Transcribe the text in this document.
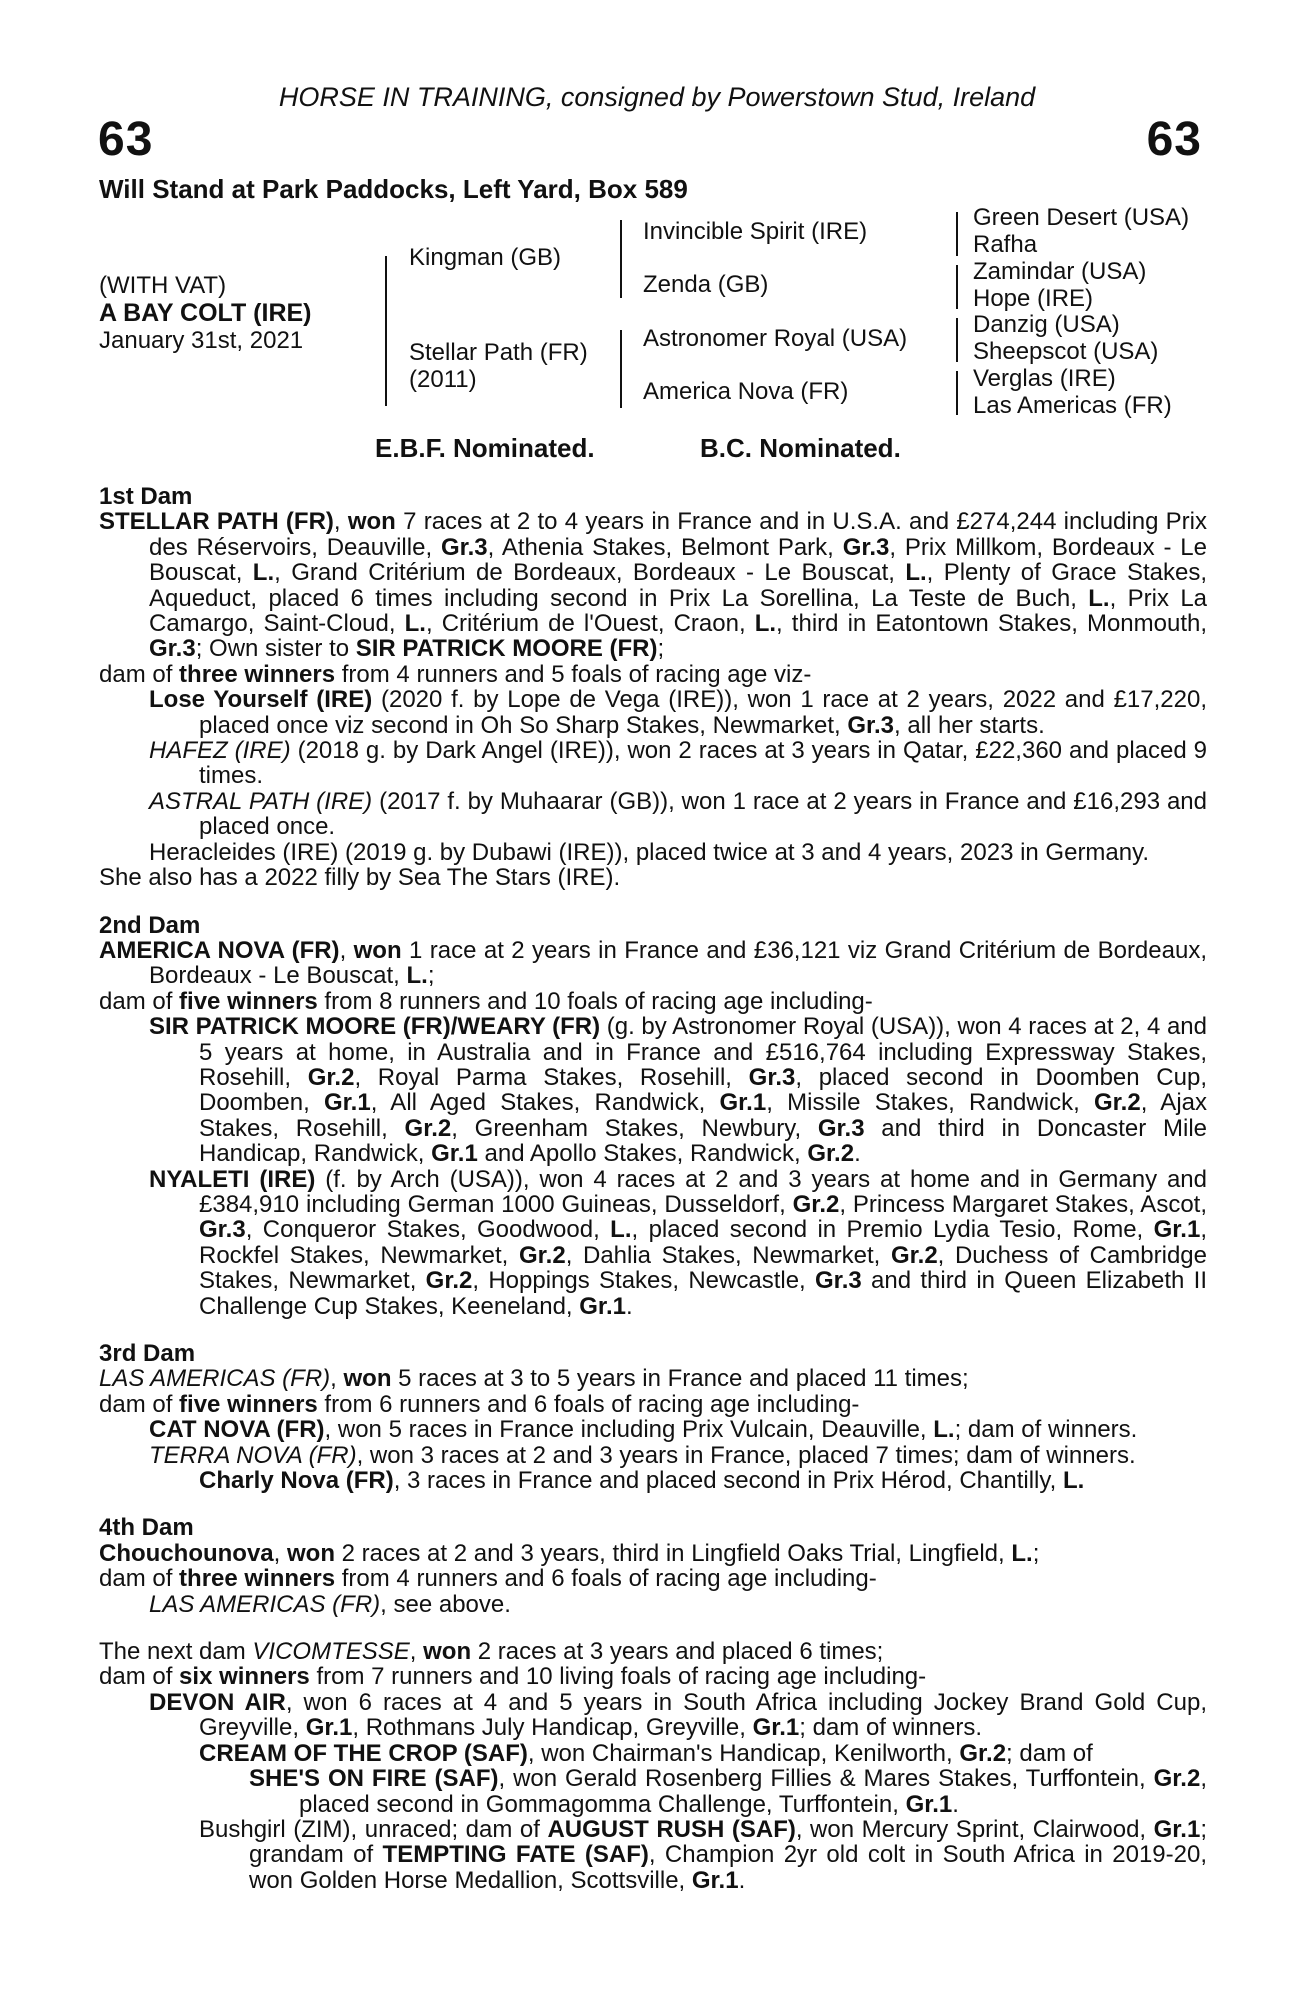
HORSE IN TRAINING, consigned by Powerstown Stud, Ireland
63	63
Will Stand at Park Paddocks, Left Yard, Box 589
(WITH VAT)
A BAY COLT (IRE)
January 31st, 2021
Kingman (GB)
Stellar Path (FR)
(2011)
Invincible Spirit (IRE)
Zenda (GB)
Astronomer Royal (USA)
America Nova (FR)
Green Desert (USA)
Rafha
Zamindar (USA)
Hope (IRE)
Danzig (USA)
Sheepscot (USA)
Verglas (IRE)
Las Americas (FR)
E.B.F. Nominated.	B.C. Nominated.
1st Dam
STELLAR PATH (FR), won 7 races at 2 to 4 years in France and in U.S.A. and £274,244 including Prix des Réservoirs, Deauville, Gr.3, Athenia Stakes, Belmont Park, Gr.3, Prix Millkom, Bordeaux - Le Bouscat, L., Grand Critérium de Bordeaux, Bordeaux - Le Bouscat, L., Plenty of Grace Stakes, Aqueduct, placed 6 times including second in Prix La Sorellina, La Teste de Buch, L., Prix La Camargo, Saint-Cloud, L., Critérium de l'Ouest, Craon, L., third in Eatontown Stakes, Monmouth, Gr.3; Own sister to SIR PATRICK MOORE (FR);
dam of three winners from 4 runners and 5 foals of racing age viz-
Lose Yourself (IRE) (2020 f. by Lope de Vega (IRE)), won 1 race at 2 years, 2022 and £17,220, placed once viz second in Oh So Sharp Stakes, Newmarket, Gr.3, all her starts.
HAFEZ (IRE) (2018 g. by Dark Angel (IRE)), won 2 races at 3 years in Qatar, £22,360 and placed 9 times.
ASTRAL PATH (IRE) (2017 f. by Muhaarar (GB)), won 1 race at 2 years in France and £16,293 and placed once.
Heracleides (IRE) (2019 g. by Dubawi (IRE)), placed twice at 3 and 4 years, 2023 in Germany.
She also has a 2022 filly by Sea The Stars (IRE).
2nd Dam
AMERICA NOVA (FR), won 1 race at 2 years in France and £36,121 viz Grand Critérium de Bordeaux, Bordeaux - Le Bouscat, L.;
dam of five winners from 8 runners and 10 foals of racing age including-
SIR PATRICK MOORE (FR)/WEARY (FR) (g. by Astronomer Royal (USA)), won 4 races at 2, 4 and 5 years at home, in Australia and in France and £516,764 including Expressway Stakes, Rosehill, Gr.2, Royal Parma Stakes, Rosehill, Gr.3, placed second in Doomben Cup, Doomben, Gr.1, All Aged Stakes, Randwick, Gr.1, Missile Stakes, Randwick, Gr.2, Ajax Stakes, Rosehill, Gr.2, Greenham Stakes, Newbury, Gr.3 and third in Doncaster Mile Handicap, Randwick, Gr.1 and Apollo Stakes, Randwick, Gr.2.
NYALETI (IRE) (f. by Arch (USA)), won 4 races at 2 and 3 years at home and in Germany and £384,910 including German 1000 Guineas, Dusseldorf, Gr.2, Princess Margaret Stakes, Ascot, Gr.3, Conqueror Stakes, Goodwood, L., placed second in Premio Lydia Tesio, Rome, Gr.1, Rockfel Stakes, Newmarket, Gr.2, Dahlia Stakes, Newmarket, Gr.2, Duchess of Cambridge Stakes, Newmarket, Gr.2, Hoppings Stakes, Newcastle, Gr.3 and third in Queen Elizabeth II Challenge Cup Stakes, Keeneland, Gr.1.
3rd Dam
LAS AMERICAS (FR), won 5 races at 3 to 5 years in France and placed 11 times;
dam of five winners from 6 runners and 6 foals of racing age including-
CAT NOVA (FR), won 5 races in France including Prix Vulcain, Deauville, L.; dam of winners.
TERRA NOVA (FR), won 3 races at 2 and 3 years in France, placed 7 times; dam of winners.
Charly Nova (FR), 3 races in France and placed second in Prix Hérod, Chantilly, L.
4th Dam
Chouchounova, won 2 races at 2 and 3 years, third in Lingfield Oaks Trial, Lingfield, L.;
dam of three winners from 4 runners and 6 foals of racing age including-
LAS AMERICAS (FR), see above.
The next dam VICOMTESSE, won 2 races at 3 years and placed 6 times;
dam of six winners from 7 runners and 10 living foals of racing age including-
DEVON AIR, won 6 races at 4 and 5 years in South Africa including Jockey Brand Gold Cup, Greyville, Gr.1, Rothmans July Handicap, Greyville, Gr.1; dam of winners.
CREAM OF THE CROP (SAF), won Chairman's Handicap, Kenilworth, Gr.2; dam of
SHE'S ON FIRE (SAF), won Gerald Rosenberg Fillies & Mares Stakes, Turffontein, Gr.2, placed second in Gommagomma Challenge, Turffontein, Gr.1.
Bushgirl (ZIM), unraced; dam of AUGUST RUSH (SAF), won Mercury Sprint, Clairwood, Gr.1; grandam of TEMPTING FATE (SAF), Champion 2yr old colt in South Africa in 2019-20, won Golden Horse Medallion, Scottsville, Gr.1.
